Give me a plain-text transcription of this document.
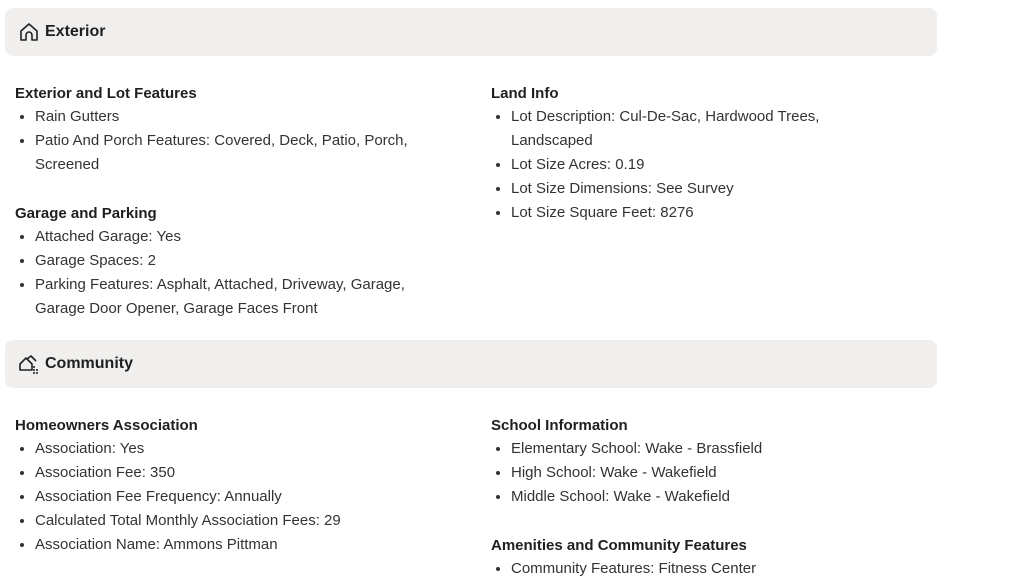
Exterior
Exterior and Lot Features
• Rain Gutters
• Patio And Porch Features: Covered, Deck, Patio, Porch, Screened
Garage and Parking
• Attached Garage: Yes
• Garage Spaces: 2
• Parking Features: Asphalt, Attached, Driveway, Garage, Garage Door Opener, Garage Faces Front
Land Info
• Lot Description: Cul-De-Sac, Hardwood Trees, Landscaped
• Lot Size Acres: 0.19
• Lot Size Dimensions: See Survey
• Lot Size Square Feet: 8276
Community
Homeowners Association
• Association: Yes
• Association Fee: 350
• Association Fee Frequency: Annually
• Calculated Total Monthly Association Fees: 29
• Association Name: Ammons Pittman
School Information
• Elementary School: Wake - Brassfield
• High School: Wake - Wakefield
• Middle School: Wake - Wakefield
Amenities and Community Features
• Community Features: Fitness Center
